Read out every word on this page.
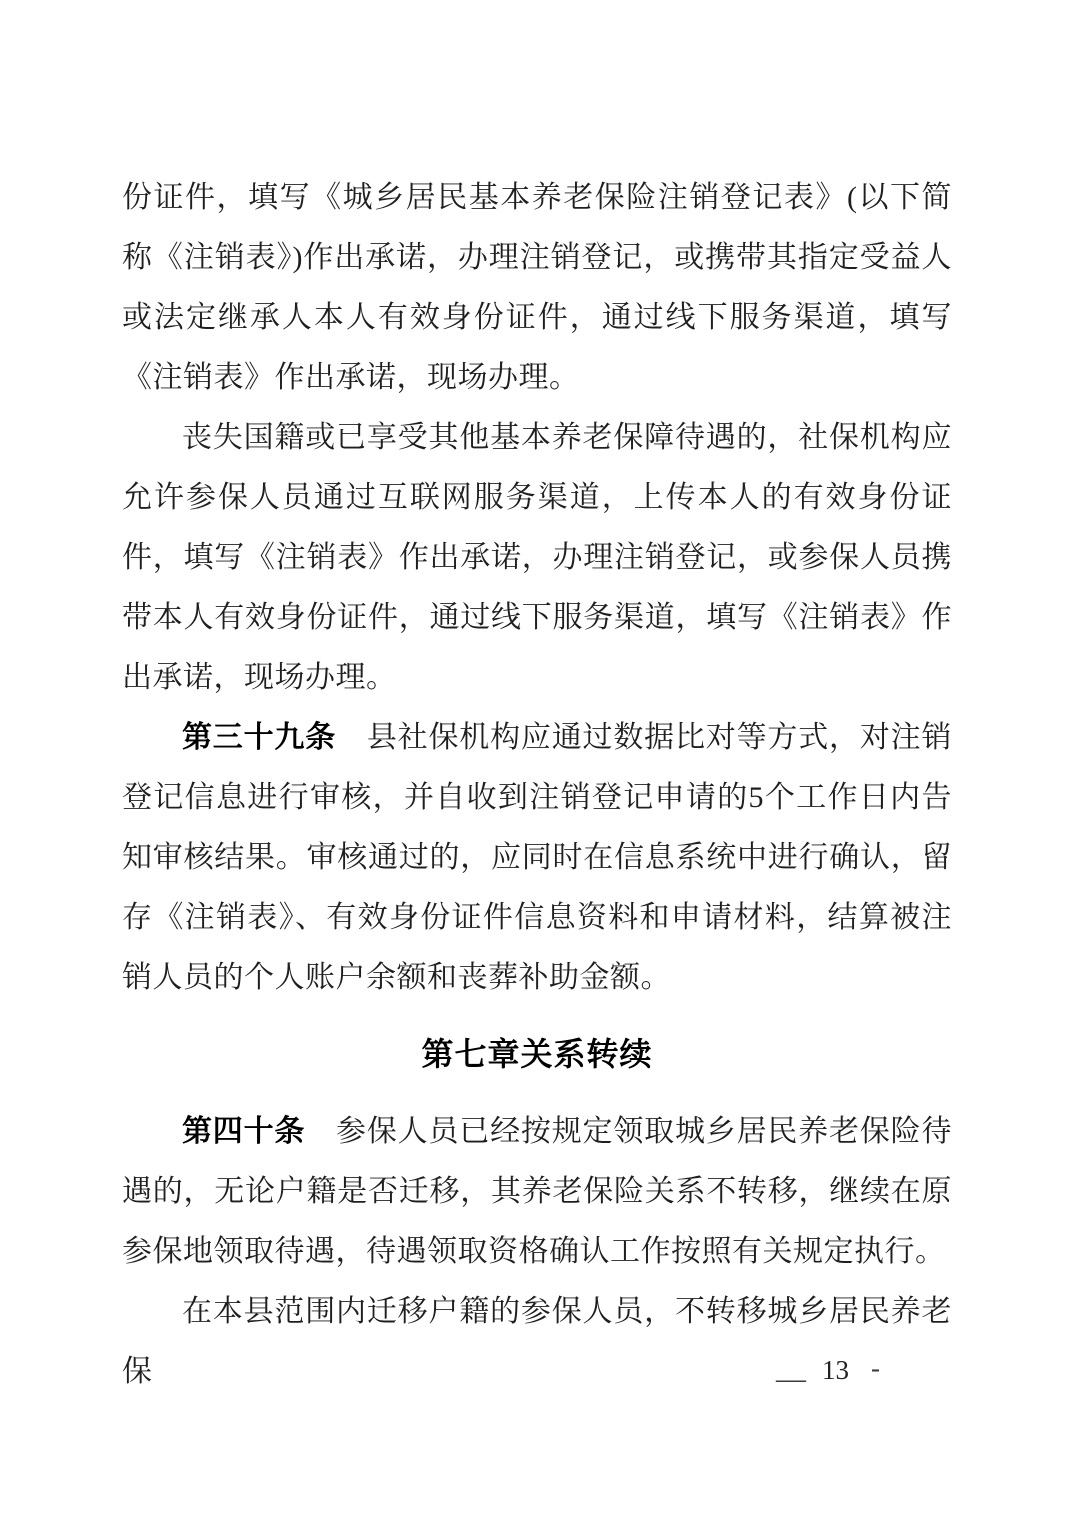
份证件，填写《城乡居民基本养老保险注销登记表》(以下简称《注销表》)作出承诺，办理注销登记，或携带其指定受益人或法定继承人本人有效身份证件，通过线下服务渠道，填写《注销表》作出承诺，现场办理。

丧失国籍或已享受其他基本养老保障待遇的，社保机构应允许参保人员通过互联网服务渠道，上传本人的有效身份证件，填写《注销表》作出承诺，办理注销登记，或参保人员携带本人有效身份证件，通过线下服务渠道，填写《注销表》作出承诺，现场办理。

第三十九条　县社保机构应通过数据比对等方式，对注销登记信息进行审核，并自收到注销登记申请的5个工作日内告知审核结果。审核通过的，应同时在信息系统中进行确认，留存《注销表》、有效身份证件信息资料和申请材料，结算被注销人员的个人账户余额和丧葬补助金额。

第七章关系转续

第四十条　参保人员已经按规定领取城乡居民养老保险待遇的，无论户籍是否迁移，其养老保险关系不转移，继续在原参保地领取待遇，待遇领取资格确认工作按照有关规定执行。

在本县范围内迁移户籍的参保人员，不转移城乡居民养老保	— 13 -
